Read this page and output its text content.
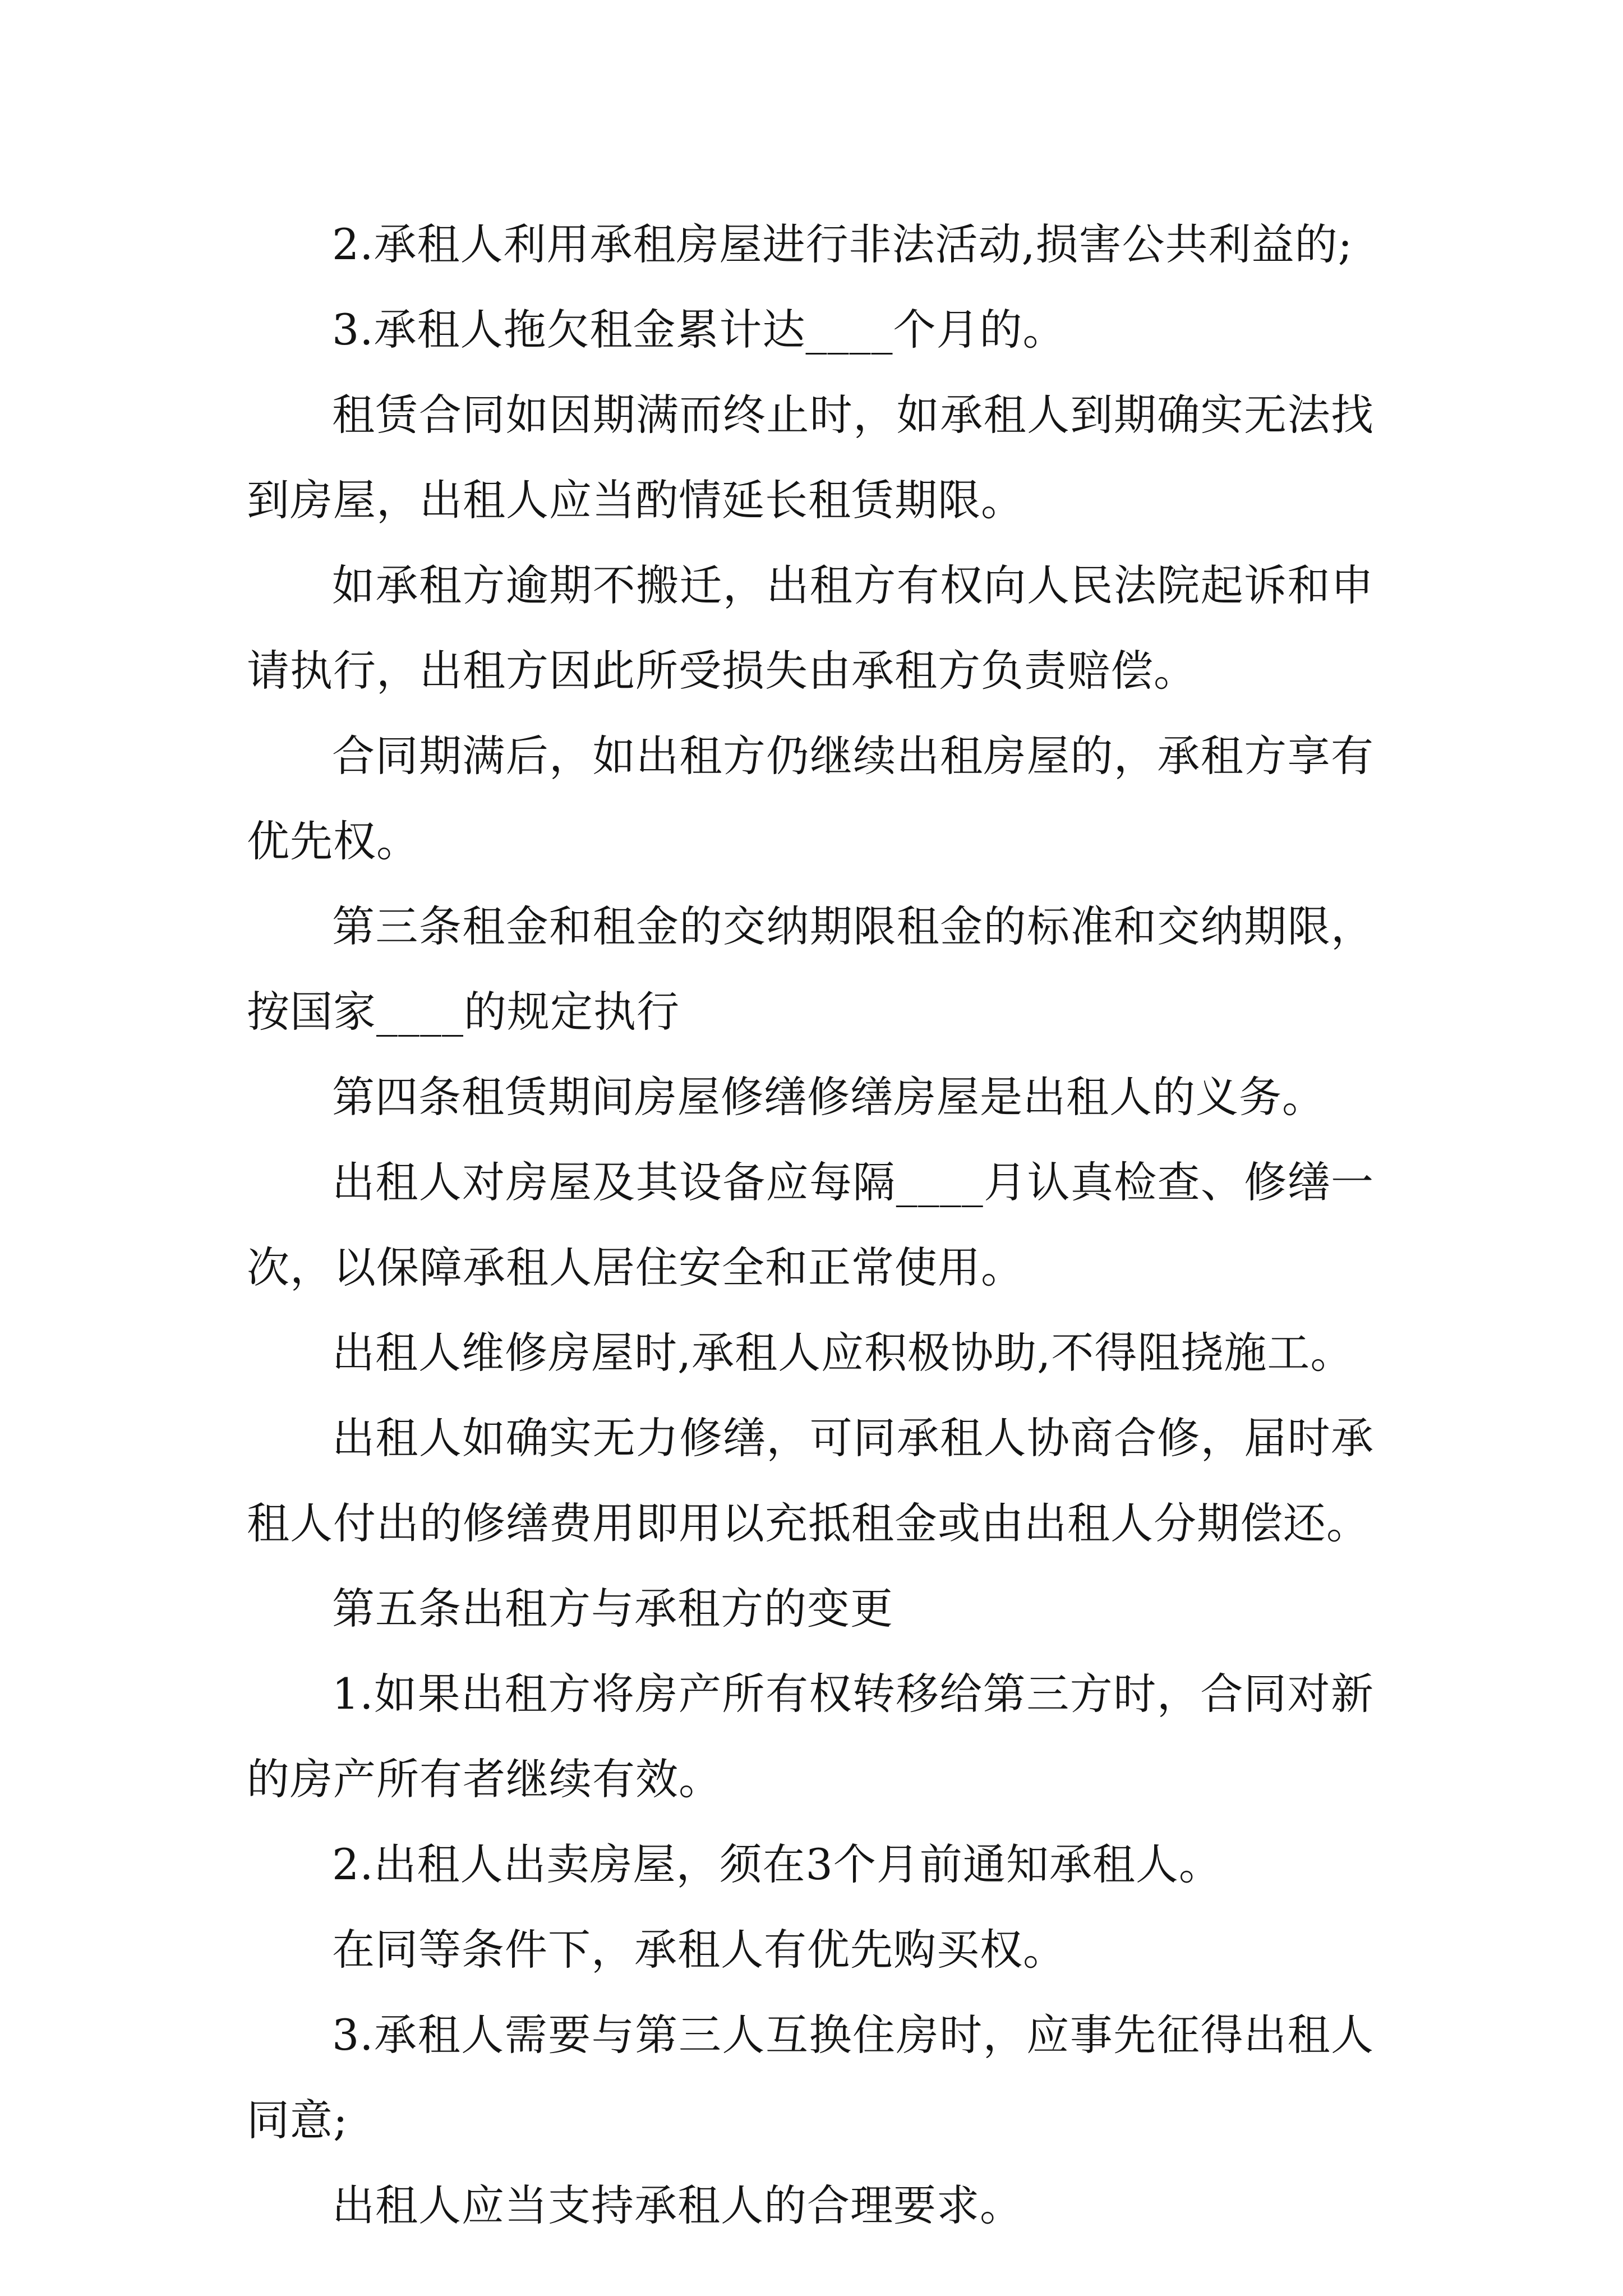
2.承租人利用承租房屋进行非法活动,损害公共利益的;

3.承租人拖欠租金累计达____个月的。

租赁合同如因期满而终止时，如承租人到期确实无法找到房屋，出租人应当酌情延长租赁期限。

如承租方逾期不搬迁，出租方有权向人民法院起诉和申请执行，出租方因此所受损失由承租方负责赔偿。

合同期满后，如出租方仍继续出租房屋的，承租方享有优先权。

第三条租金和租金的交纳期限租金的标准和交纳期限，按国家____的规定执行

第四条租赁期间房屋修缮修缮房屋是出租人的义务。

出租人对房屋及其设备应每隔____月认真检查、修缮一次，以保障承租人居住安全和正常使用。

出租人维修房屋时,承租人应积极协助,不得阻挠施工。

出租人如确实无力修缮，可同承租人协商合修，届时承租人付出的修缮费用即用以充抵租金或由出租人分期偿还。

第五条出租方与承租方的变更

1.如果出租方将房产所有权转移给第三方时，合同对新的房产所有者继续有效。

2.出租人出卖房屋，须在3个月前通知承租人。

在同等条件下，承租人有优先购买权。

3.承租人需要与第三人互换住房时，应事先征得出租人同意;

出租人应当支持承租人的合理要求。
